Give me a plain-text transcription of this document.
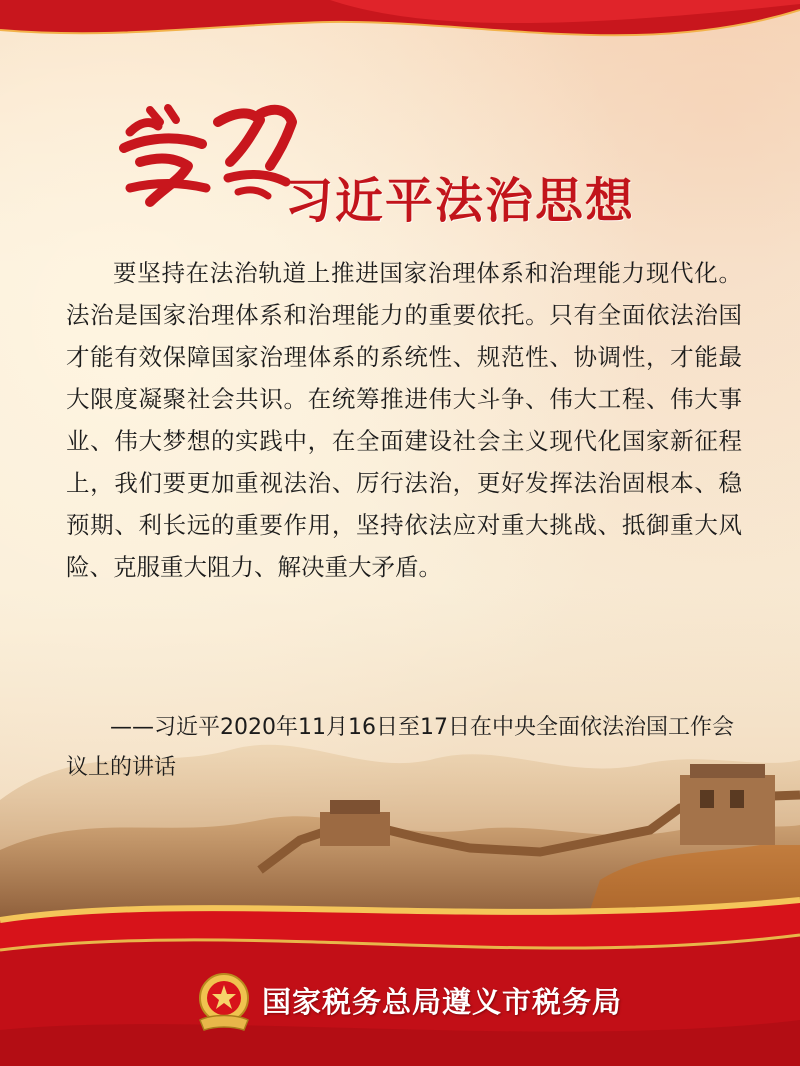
习近平法治思想

要坚持在法治轨道上推进国家治理体系和治理能力现代化。法治是国家治理体系和治理能力的重要依托。只有全面依法治国才能有效保障国家治理体系的系统性、规范性、协调性，才能最大限度凝聚社会共识。在统筹推进伟大斗争、伟大工程、伟大事业、伟大梦想的实践中，在全面建设社会主义现代化国家新征程上，我们要更加重视法治、厉行法治，更好发挥法治固根本、稳预期、利长远的重要作用，坚持依法应对重大挑战、抵御重大风险、克服重大阻力、解决重大矛盾。

——习近平2020年11月16日至17日在中央全面依法治国工作会议上的讲话

国家税务总局遵义市税务局
